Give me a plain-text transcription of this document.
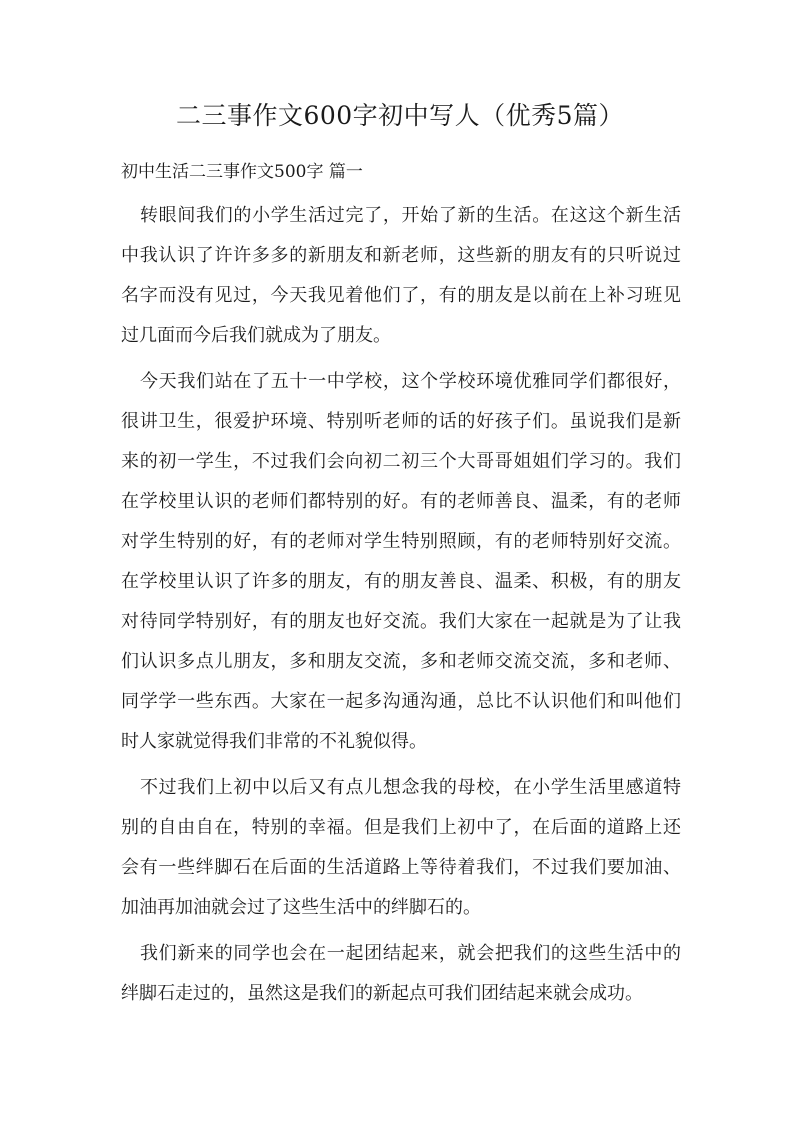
二三事作文600字初中写人（优秀5篇）
初中生活二三事作文500字 篇一
转眼间我们的小学生活过完了，开始了新的生活。在这这个新生活
中我认识了许许多多的新朋友和新老师，这些新的朋友有的只听说过
名字而没有见过，今天我见着他们了，有的朋友是以前在上补习班见
过几面而今后我们就成为了朋友。
今天我们站在了五十一中学校，这个学校环境优雅同学们都很好，
很讲卫生，很爱护环境、特别听老师的话的好孩子们。虽说我们是新
来的初一学生，不过我们会向初二初三个大哥哥姐姐们学习的。我们
在学校里认识的老师们都特别的好。有的老师善良、温柔，有的老师
对学生特别的好，有的老师对学生特别照顾，有的老师特别好交流。
在学校里认识了许多的朋友，有的朋友善良、温柔、积极，有的朋友
对待同学特别好，有的朋友也好交流。我们大家在一起就是为了让我
们认识多点儿朋友，多和朋友交流，多和老师交流交流，多和老师、
同学学一些东西。大家在一起多沟通沟通，总比不认识他们和叫他们
时人家就觉得我们非常的不礼貌似得。
不过我们上初中以后又有点儿想念我的母校，在小学生活里感道特
别的自由自在，特别的幸福。但是我们上初中了，在后面的道路上还
会有一些绊脚石在后面的生活道路上等待着我们，不过我们要加油、
加油再加油就会过了这些生活中的绊脚石的。
我们新来的同学也会在一起团结起来，就会把我们的这些生活中的
绊脚石走过的，虽然这是我们的新起点可我们团结起来就会成功。
